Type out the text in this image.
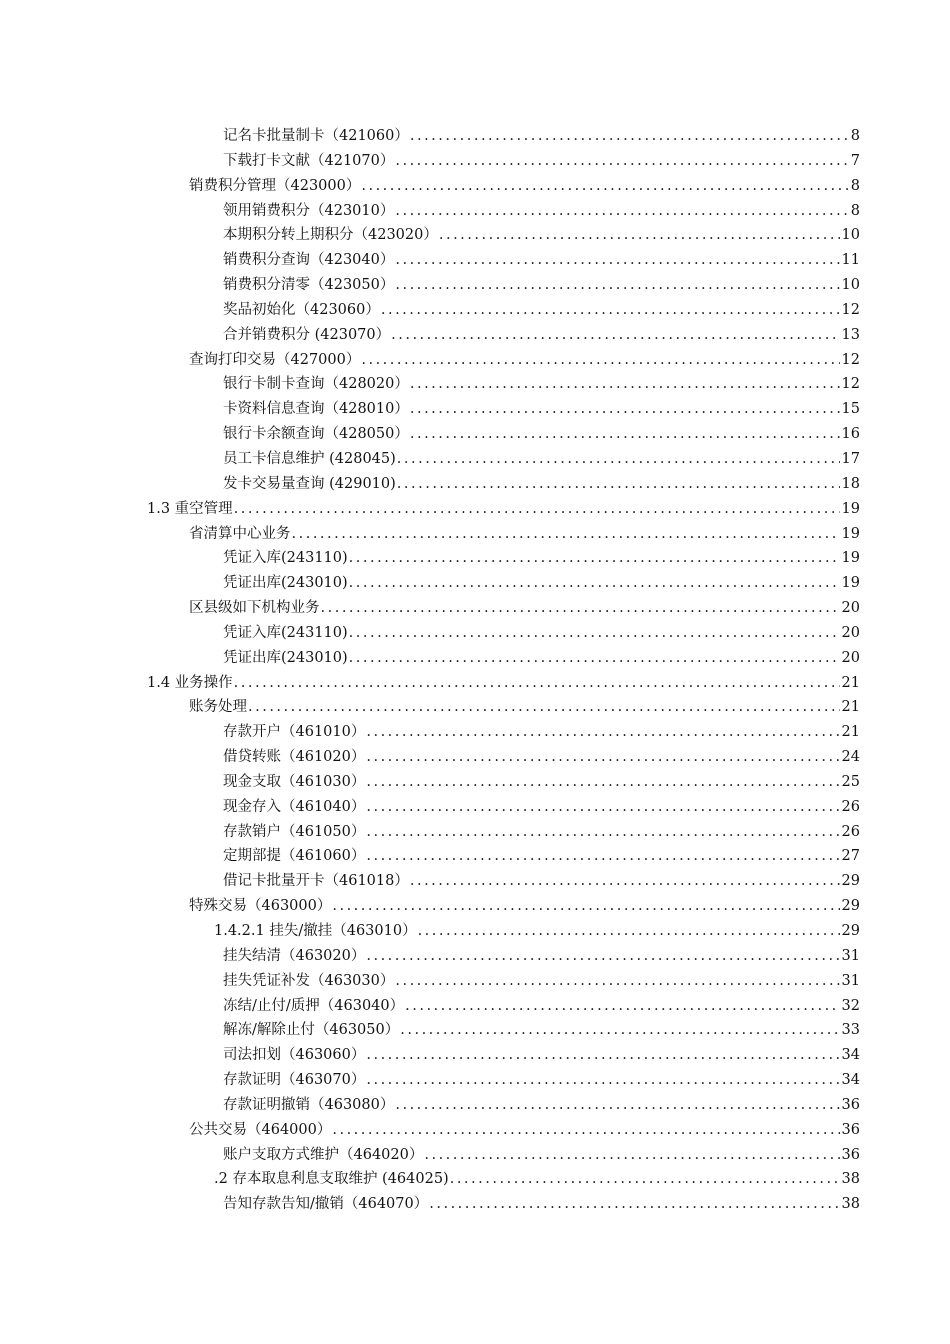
记名卡批量制卡（421060） .....	8
下载打卡文献（421070） .....	7
销费积分管理（423000） .....	8
领用销费积分（423010） .....	8
本期积分转上期积分（423020） .....	10
销费积分查询（423040） .....	11
销费积分清零（423050） .....	10
奖品初始化（423060） .....	12
合并销费积分 (423070） .....	13
查询打印交易（427000） .....	12
银行卡制卡查询（428020） .....	12
卡资料信息查询（428010） .....	15
银行卡余额查询（428050） .....	16
员工卡信息维护 (428045) .....	17
发卡交易量查询 (429010) .....	18
1.3 重空管理 .....	19
省清算中心业务 .....	19
凭证入库(243110) .....	19
凭证出库(243010) .....	19
区县级如下机构业务 .....	20
凭证入库(243110) .....	20
凭证出库(243010) .....	20
1.4 业务操作 .....	21
账务处理 .....	21
存款开户（461010） .....	21
借贷转账（461020） .....	24
现金支取（461030） .....	25
现金存入（461040） .....	26
存款销户（461050） .....	26
定期部提（461060） .....	27
借记卡批量开卡（461018） .....	29
特殊交易（463000） .....	29
1.4.2.1 挂失/撤挂（463010） .....	29
挂失结清（463020） .....	31
挂失凭证补发（463030） .....	31
冻结/止付/质押（463040） .....	32
解冻/解除止付（463050） .....	33
司法扣划（463060） .....	34
存款证明（463070） .....	34
存款证明撤销（463080） .....	36
公共交易（464000） .....	36
账户支取方式维护（464020） .....	36
.2 存本取息利息支取维护 (464025) .....	38
告知存款告知/撤销（464070） .....	38
